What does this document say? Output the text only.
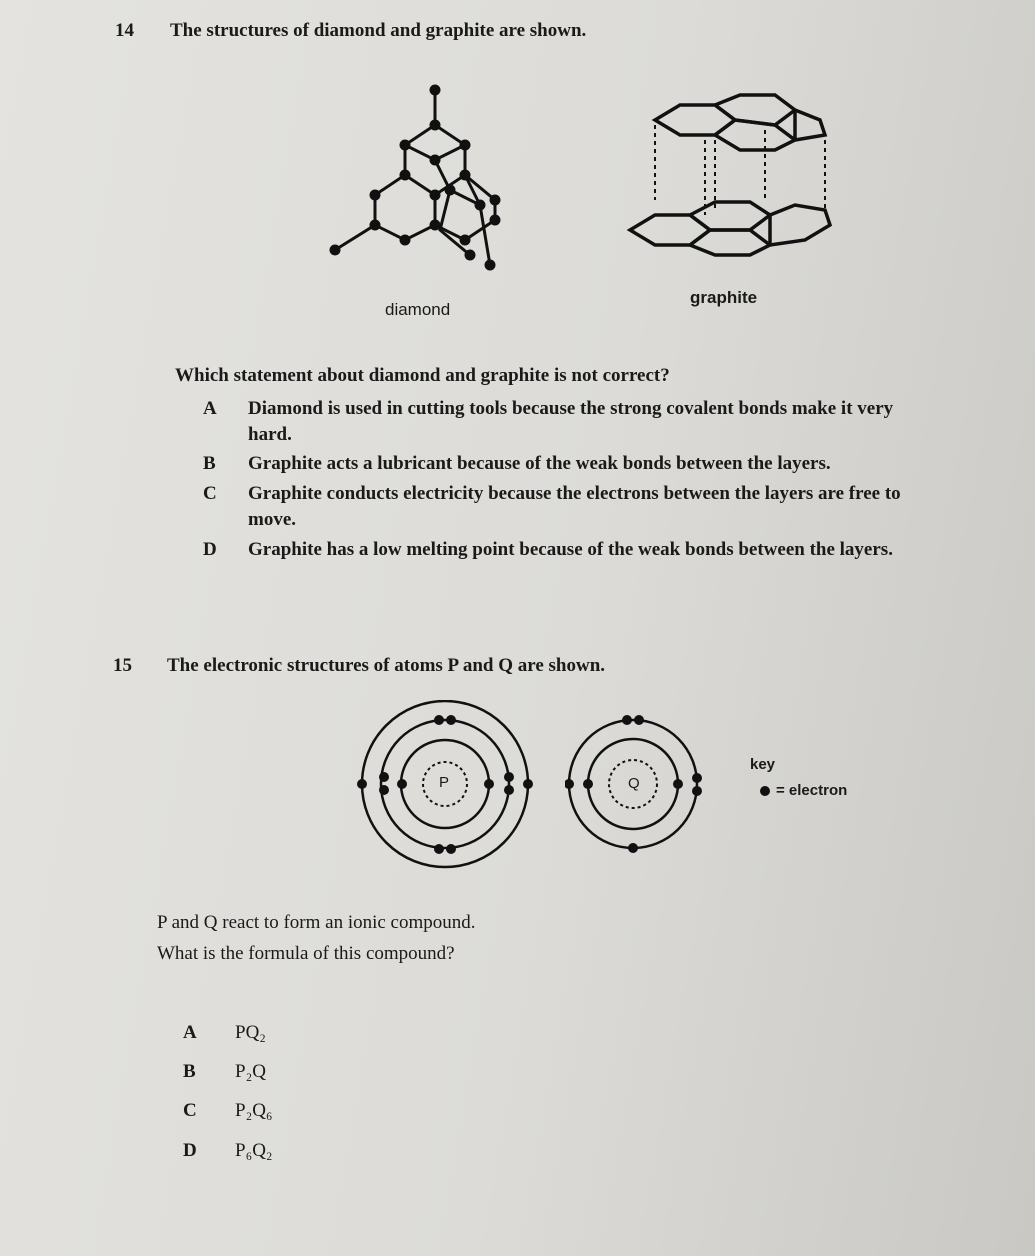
14 The structures of diamond and graphite are shown.
diamond
graphite
Which statement about diamond and graphite is not correct?
A Diamond is used in cutting tools because the strong covalent bonds make it very
hard.
B Graphite acts a lubricant because of the weak bonds between the layers.
C Graphite conducts electricity because the electrons between the layers are free to
move.
D Graphite has a low melting point because of the weak bonds between the layers.
15 The electronic structures of atoms P and Q are shown.
P	Q
key
= electron
P and Q react to form an ionic compound.
What is the formula of this compound?
A PQ₂
B P₂Q
C P₂Q₆
D P₆Q₂
